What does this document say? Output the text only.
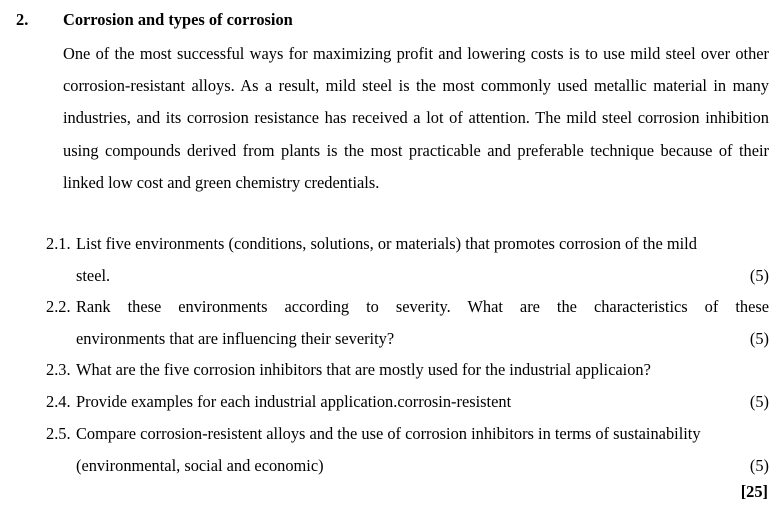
2. Corrosion and types of corrosion

One of the most successful ways for maximizing profit and lowering costs is to use mild steel over other corrosion-resistant alloys. As a result, mild steel is the most commonly used metallic material in many industries, and its corrosion resistance has received a lot of attention. The mild steel corrosion inhibition using compounds derived from plants is the most practicable and preferable technique because of their linked low cost and green chemistry credentials.

2.1. List five environments (conditions, solutions, or materials) that promotes corrosion of the mild
steel.	(5)
2.2. Rank these environments according to severity. What are the characteristics of these
environments that are influencing their severity?	(5)
2.3. What are the five corrosion inhibitors that are mostly used for the industrial applicaion?
2.4. Provide examples for each industrial application.corrosin-resistent	(5)
2.5. Compare corrosion-resistent alloys and the use of corrosion inhibitors in terms of sustainability
(environmental, social and economic)	(5)
[25]
